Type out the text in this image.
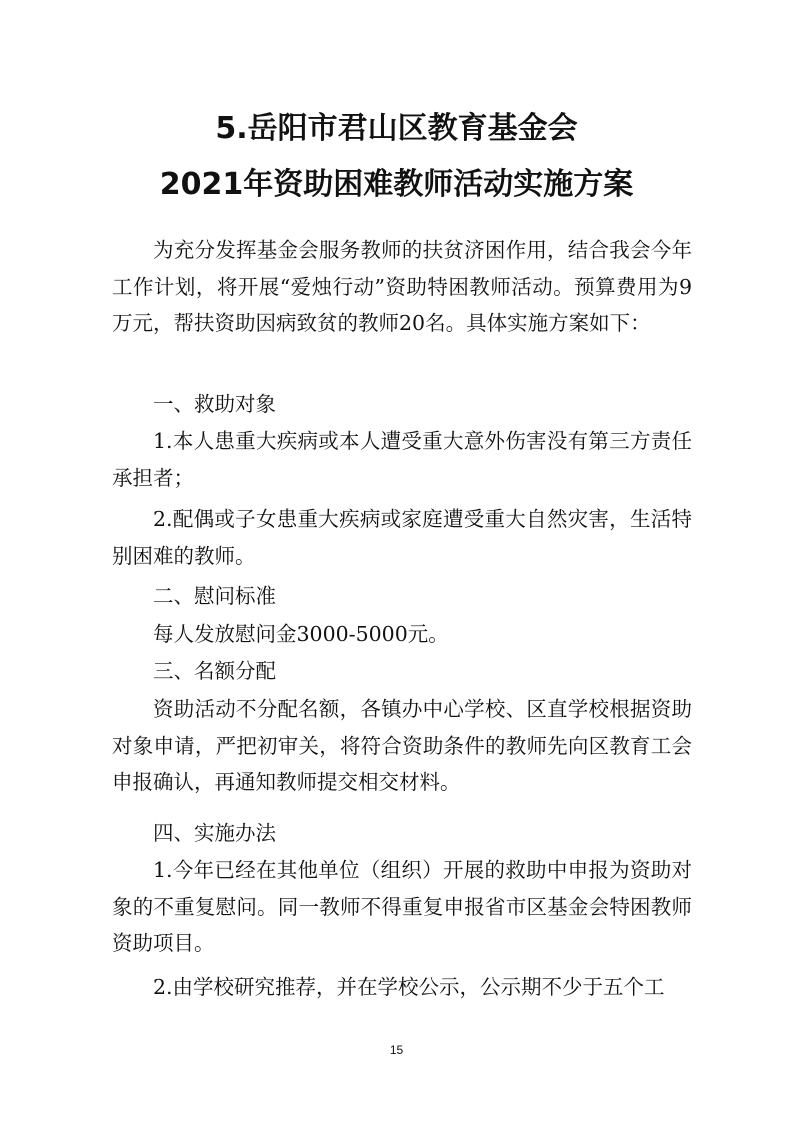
5.岳阳市君山区教育基金会
2021年资助困难教师活动实施方案

为充分发挥基金会服务教师的扶贫济困作用，结合我会今年工作计划，将开展“爱烛行动”资助特困教师活动。预算费用为9万元，帮扶资助因病致贫的教师20名。具体实施方案如下：

一、救助对象

1.本人患重大疾病或本人遭受重大意外伤害没有第三方责任承担者；

2.配偶或子女患重大疾病或家庭遭受重大自然灾害，生活特别困难的教师。

二、慰问标准

每人发放慰问金3000-5000元。

三、名额分配

资助活动不分配名额，各镇办中心学校、区直学校根据资助对象申请，严把初审关，将符合资助条件的教师先向区教育工会申报确认，再通知教师提交相交材料。

四、实施办法

1.今年已经在其他单位（组织）开展的救助中申报为资助对象的不重复慰问。同一教师不得重复申报省市区基金会特困教师资助项目。

2.由学校研究推荐，并在学校公示，公示期不少于五个工

15
